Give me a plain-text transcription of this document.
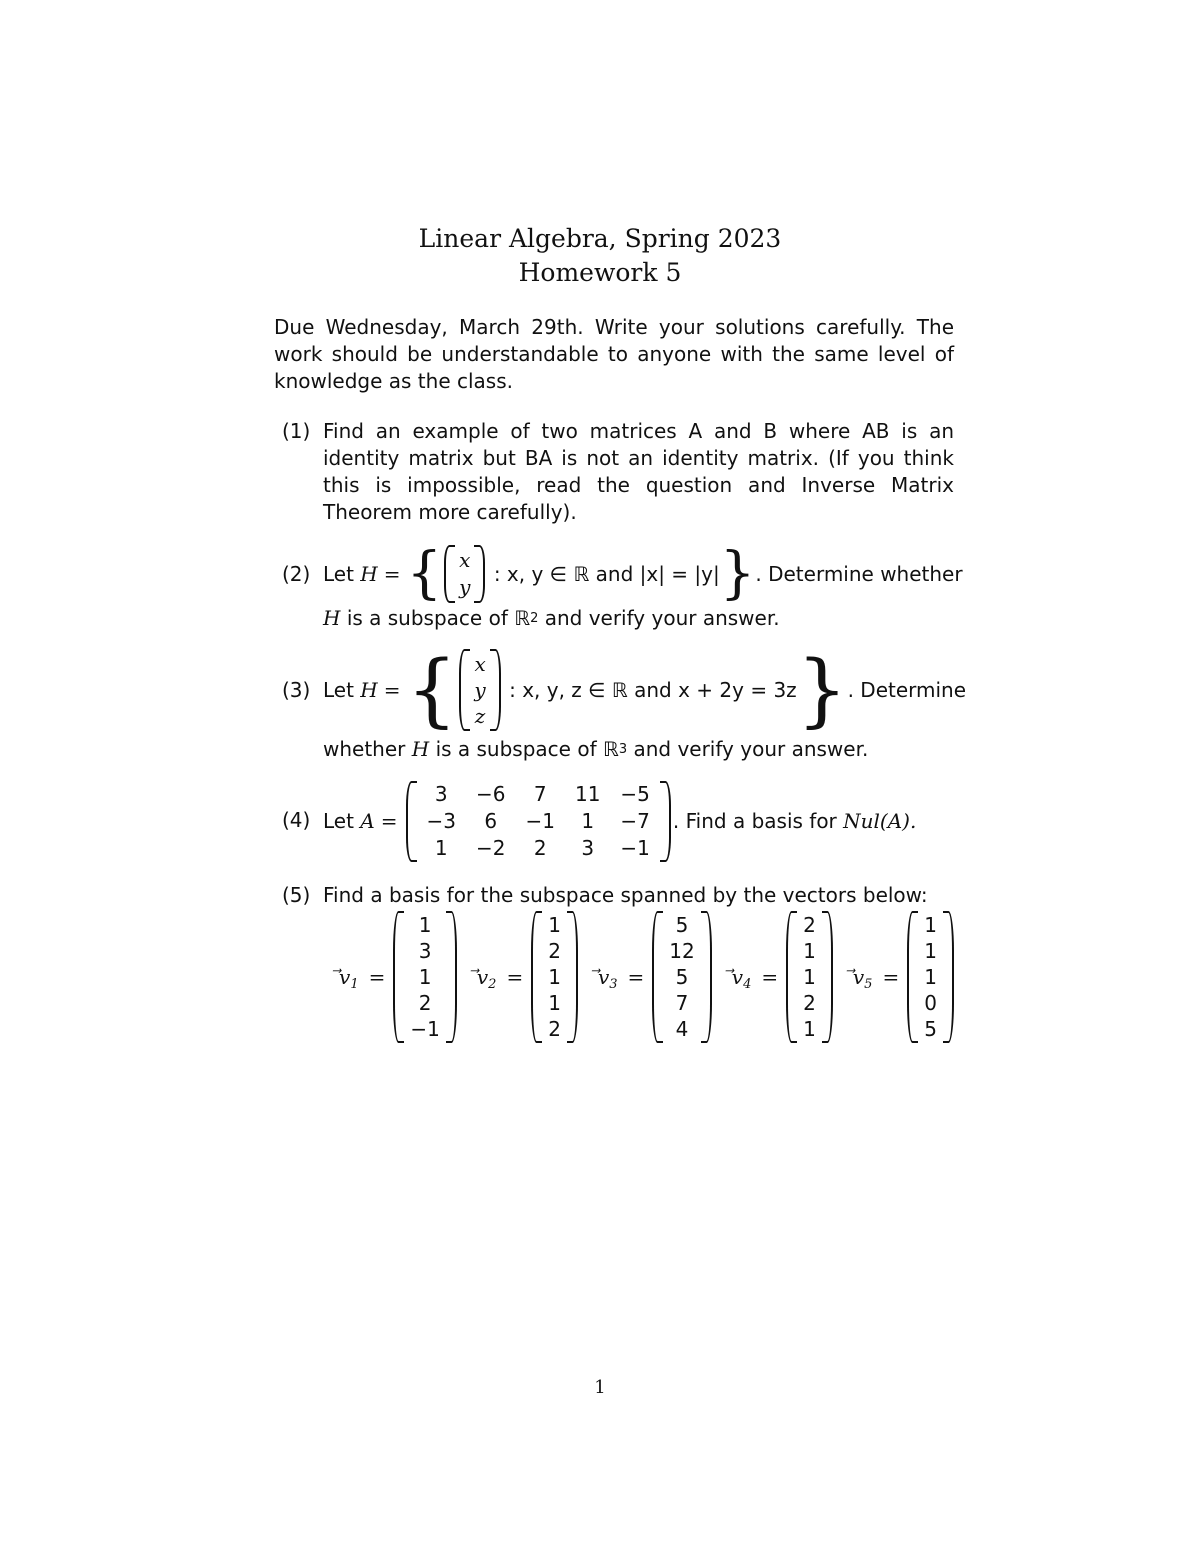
Linear Algebra, Spring 2023
Homework 5
Due Wednesday, March 29th. Write your solutions carefully. The work should be understandable to anyone with the same level of knowledge as the class.
(1) Find an example of two matrices A and B where AB is an identity matrix but BA is not an identity matrix. (If you think this is impossible, read the question and Inverse Matrix Theorem more carefully).
(2) Let
H = { x
y

: x, y ∈ ℝ and |x| = |y| } . Determine whether
H
is a subspace of ℝ 2
and verify your answer.
(3) Let
H = { x
y
z

: x, y, z ∈ ℝ and x + 2y = 3z } . Determine
whether
H
is a subspace of ℝ 3
and verify your answer.
(4) Let
A =
3	−6	7	11	−5
−3	6	−1	1	−7
1	−2	2	3	−1
. Find a basis for
Nul(A).
(5) Find a basis for the subspace spanned by the vectors below:
$v_1$ =
1
3
1
2
−1
$v_2$ =
1
2
1
1
2
$v_3$ =
5
12
5
7
4
$v_4$ =
2
1
1
2
1
$v_5$ =
1
1
1
0
5
1
